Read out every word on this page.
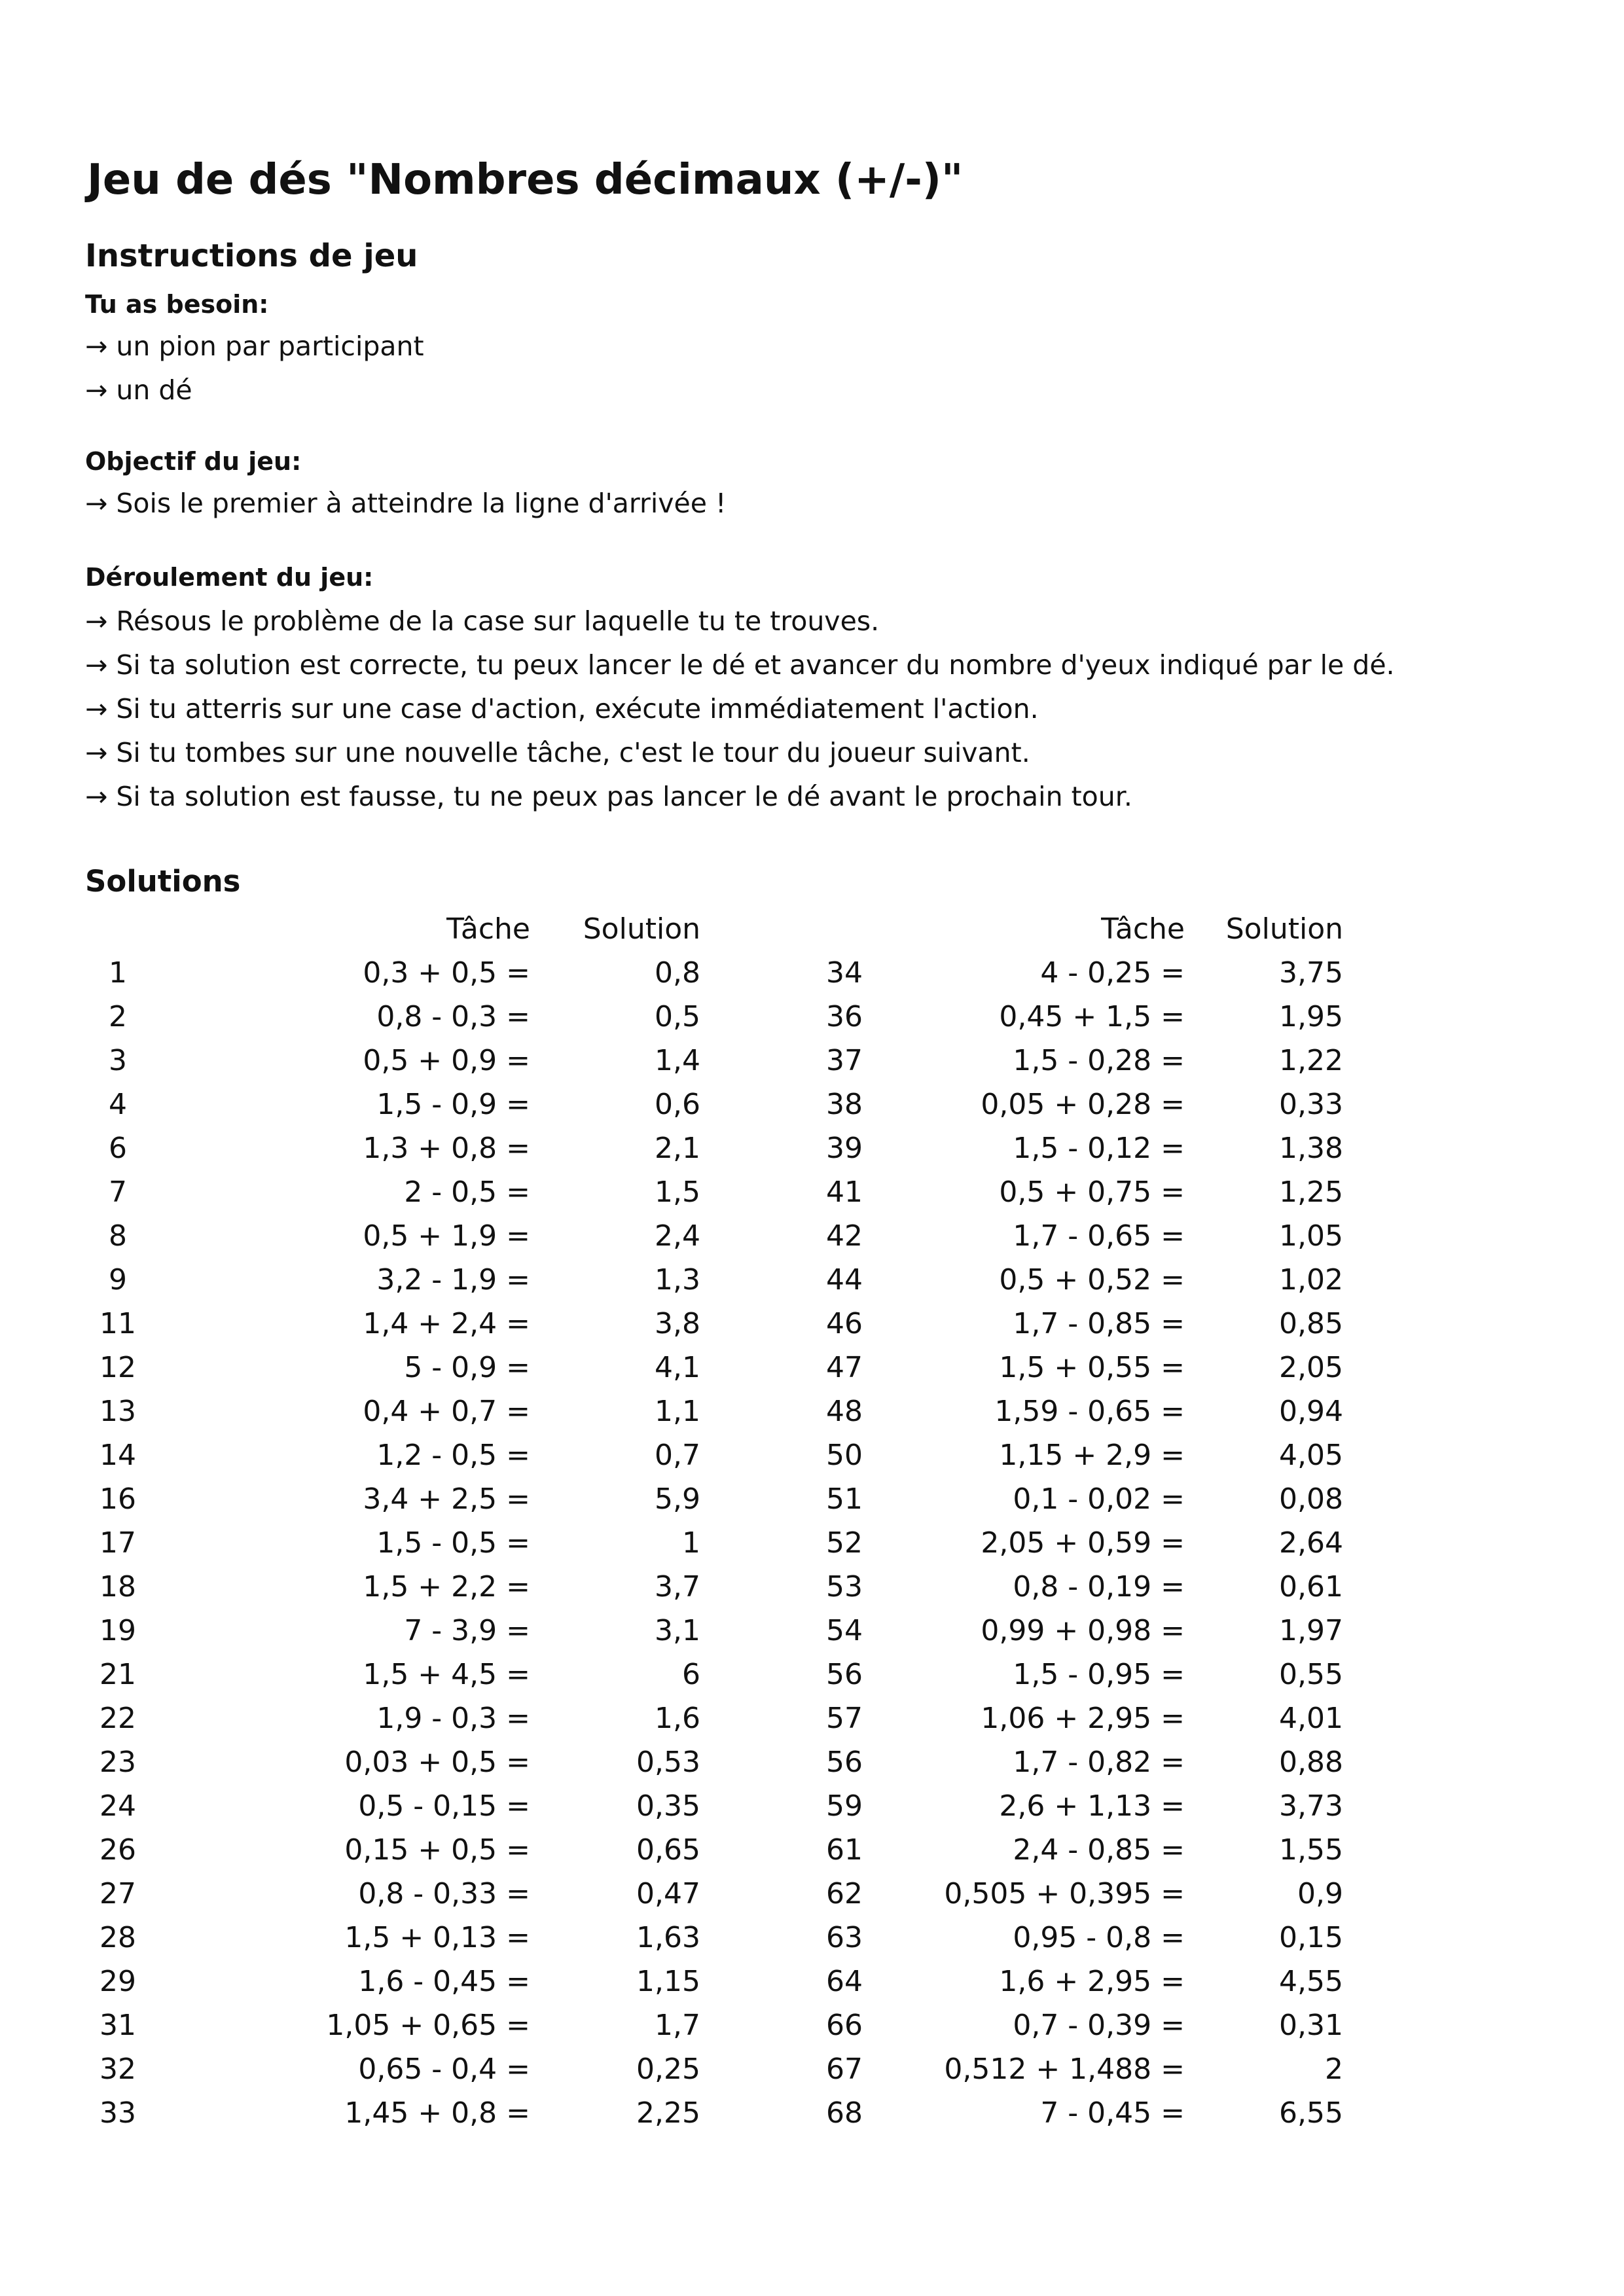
Jeu de dés "Nombres décimaux (+/-)"
Instructions de jeu
Tu as besoin:
→ un pion par participant
→ un dé
Objectif du jeu:
→ Sois le premier à atteindre la ligne d'arrivée !
Déroulement du jeu:
→ Résous le problème de la case sur laquelle tu te trouves.
→ Si ta solution est correcte, tu peux lancer le dé et avancer du nombre d'yeux indiqué par le dé.
→ Si tu atterris sur une case d'action, exécute immédiatement l'action.
→ Si tu tombes sur une nouvelle tâche, c'est le tour du joueur suivant.
→ Si ta solution est fausse, tu ne peux pas lancer le dé avant le prochain tour.
Solutions
Tâche Solution
1	0,3 + 0,5 =	0,8
2	0,8 - 0,3 =	0,5
3	0,5 + 0,9 =	1,4
4	1,5 - 0,9 =	0,6
6	1,3 + 0,8 =	2,1
7	2 - 0,5 =	1,5
8	0,5 + 1,9 =	2,4
9	3,2 - 1,9 =	1,3
11	1,4 + 2,4 =	3,8
12	5 - 0,9 =	4,1
13	0,4 + 0,7 =	1,1
14	1,2 - 0,5 =	0,7
16	3,4 + 2,5 =	5,9
17	1,5 - 0,5 =	1
18	1,5 + 2,2 =	3,7
19	7 - 3,9 =	3,1
21	1,5 + 4,5 =	6
22	1,9 - 0,3 =	1,6
23	0,03 + 0,5 =	0,53
24	0,5 - 0,15 =	0,35
26	0,15 + 0,5 =	0,65
27	0,8 - 0,33 =	0,47
28	1,5 + 0,13 =	1,63
29	1,6 - 0,45 =	1,15
31	1,05 + 0,65 =	1,7
32	0,65 - 0,4 =	0,25
33	1,45 + 0,8 =	2,25
Tâche Solution
34	4 - 0,25 =	3,75
36	0,45 + 1,5 =	1,95
37	1,5 - 0,28 =	1,22
38	0,05 + 0,28 =	0,33
39	1,5 - 0,12 =	1,38
41	0,5 + 0,75 =	1,25
42	1,7 - 0,65 =	1,05
44	0,5 + 0,52 =	1,02
46	1,7 - 0,85 =	0,85
47	1,5 + 0,55 =	2,05
48	1,59 - 0,65 =	0,94
50	1,15 + 2,9 =	4,05
51	0,1 - 0,02 =	0,08
52	2,05 + 0,59 =	2,64
53	0,8 - 0,19 =	0,61
54	0,99 + 0,98 =	1,97
56	1,5 - 0,95 =	0,55
57	1,06 + 2,95 =	4,01
56	1,7 - 0,82 =	0,88
59	2,6 + 1,13 =	3,73
61	2,4 - 0,85 =	1,55
62	0,505 + 0,395 =	0,9
63	0,95 - 0,8 =	0,15
64	1,6 + 2,95 =	4,55
66	0,7 - 0,39 =	0,31
67	0,512 + 1,488 =	2
68	7 - 0,45 =	6,55
